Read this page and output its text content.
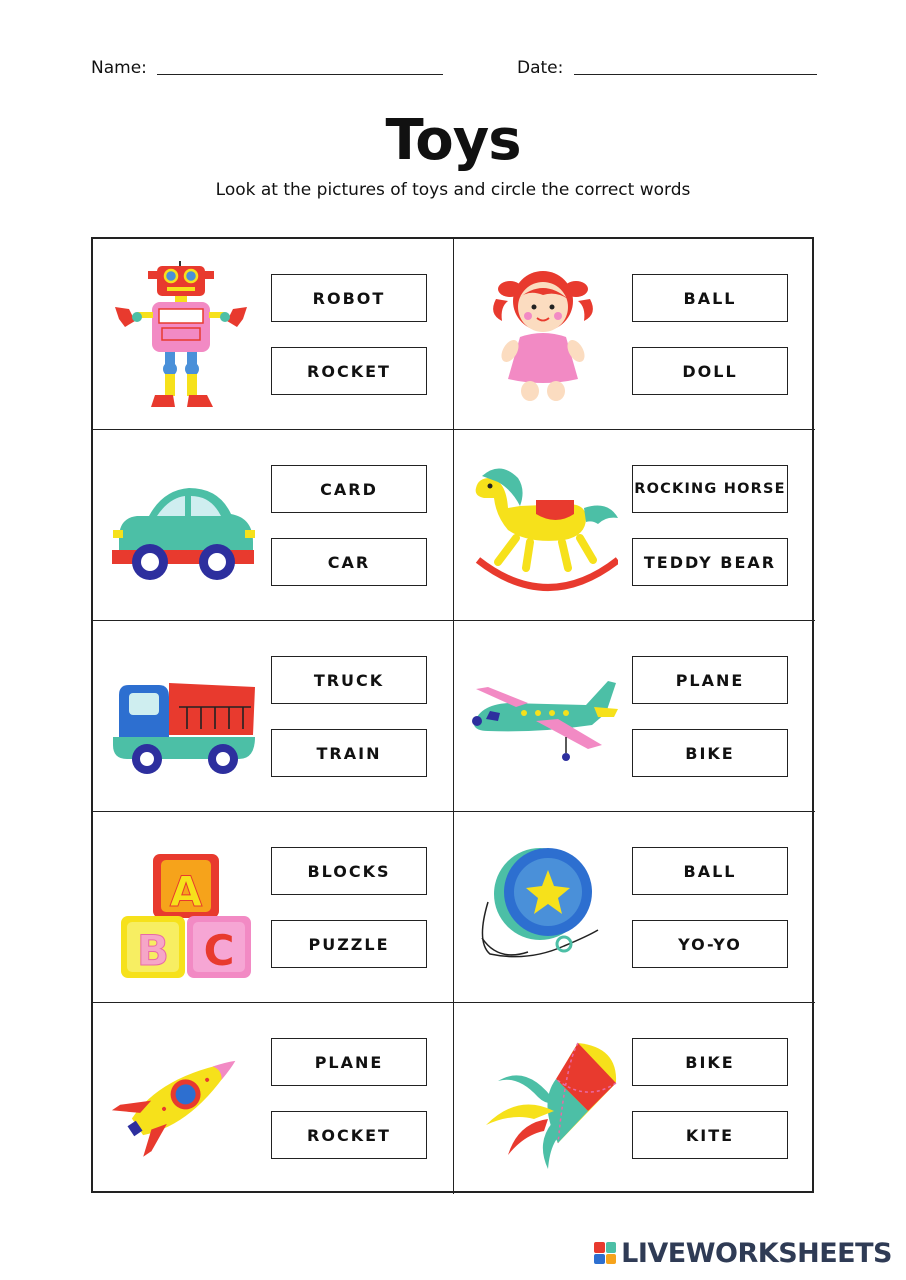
Name:	Date:
Toys
Look at the pictures of toys and circle the correct words
ROBOT
ROCKET
BALL
DOLL
CARD
CAR
ROCKING HORSE
TEDDY BEAR
TRUCK
TRAIN
PLANE
BIKE
A
B C
BLOCKS
PUZZLE
BALL
YO-YO
PLANE
ROCKET
BIKE
KITE
LIVEWORKSHEETS
